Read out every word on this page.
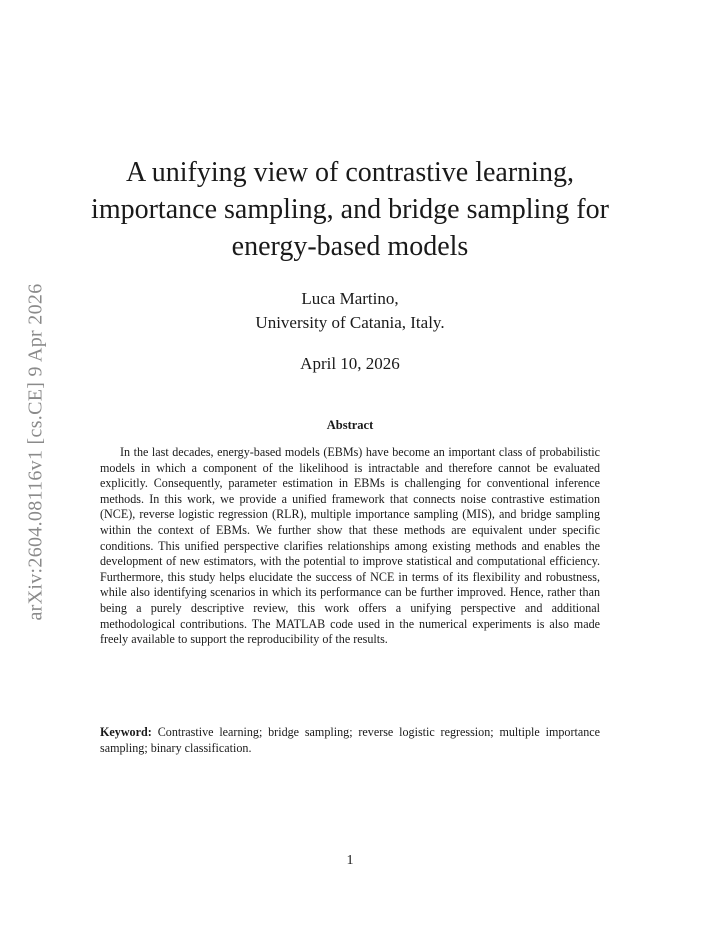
arXiv:2604.08116v1 [cs.CE] 9 Apr 2026
A unifying view of contrastive learning,
importance sampling, and bridge sampling for
energy-based models
Luca Martino,
University of Catania, Italy.
April 10, 2026
Abstract

In the last decades, energy-based models (EBMs) have become an important class of probabilistic models in which a component of the likelihood is intractable and therefore cannot be evaluated explicitly. Consequently, parameter estimation in EBMs is challenging for conventional inference methods. In this work, we provide a unified framework that connects noise contrastive estimation (NCE), reverse logistic regression (RLR), multiple importance sampling (MIS), and bridge sampling within the context of EBMs. We further show that these methods are equivalent under specific conditions. This unified perspective clarifies relationships among existing methods and enables the development of new estimators, with the potential to improve statistical and computational efficiency. Furthermore, this study helps elucidate the success of NCE in terms of its flexibility and robustness, while also identifying scenarios in which its performance can be further improved. Hence, rather than being a purely descriptive review, this work offers a unifying perspective and additional methodological contributions. The MATLAB code used in the numerical experiments is also made freely available to support the reproducibility of the results.

Keyword: Contrastive learning; bridge sampling; reverse logistic regression; multiple importance sampling; binary classification.

1
